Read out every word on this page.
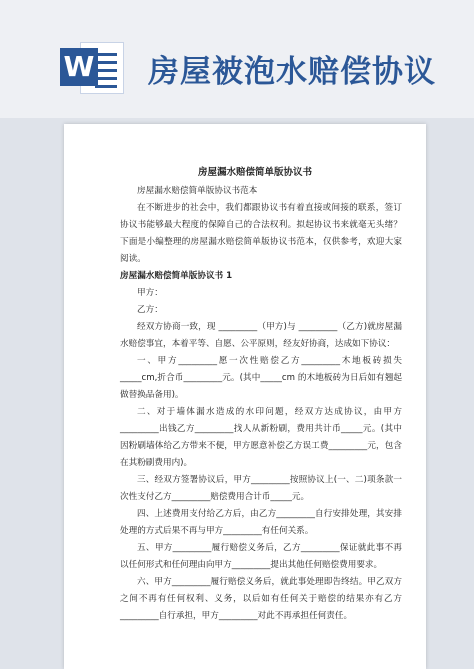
W 房屋被泡水赔偿协议
房屋漏水赔偿简单版协议书

房屋漏水赔偿简单版协议书范本

在不断进步的社会中，我们都跟协议书有着直接或间接的联系，签订协议书能够最大程度的保障自己的合法权利。拟起协议书来就毫无头绪？下面是小编整理的房屋漏水赔偿简单版协议书范本，仅供参考，欢迎大家阅读。

房屋漏水赔偿简单版协议书 1

甲方：

乙方：

经双方协商一致，现 _________（甲方)与 _________（乙方)就房屋漏水赔偿事宜，本着平等、自愿、公平原则，经友好协商，达成如下协议：

一、甲方_________愿一次性赔偿乙方_________木地板砖损失_____cm,折合币_________元。(其中_____cm 的木地板砖为日后如有翘起做替换品备用)。

二、对于墙体漏水造成的水印问题，经双方达成协议，由甲方_________出钱乙方_________找人从新粉刷，费用共计币_____元。(其中因粉刷墙体给乙方带来不便，甲方愿意补偿乙方误工费_________元，包含在其粉刷费用内)。

三、经双方签署协议后，甲方_________按照协议上(一、二)项条款一次性支付乙方_________赔偿费用合计币_____元。

四、上述费用支付给乙方后，由乙方_________自行安排处理，其安排处理的方式后果不再与甲方_________有任何关系。

五、甲方_________履行赔偿义务后，乙方_________保证就此事不再以任何形式和任何理由向甲方_________提出其他任何赔偿费用要求。

六、甲方_________履行赔偿义务后，就此事处理即告终结。甲乙双方之间不再有任何权利、义务，以后如有任何关于赔偿的结果亦有乙方_________自行承担，甲方_________对此不再承担任何责任。
